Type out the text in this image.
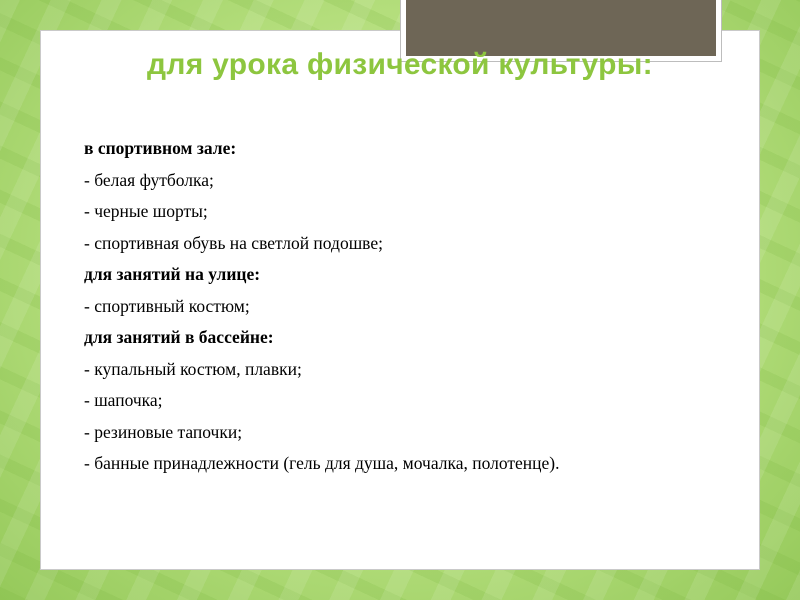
для урока физической культуры:
в спортивном зале:
- белая футболка;
- черные шорты;
- спортивная обувь на светлой подошве;
для занятий на улице:
- спортивный костюм;
для занятий в бассейне:
- купальный костюм, плавки;
- шапочка;
- резиновые тапочки;
- банные принадлежности (гель для душа, мочалка, полотенце).
